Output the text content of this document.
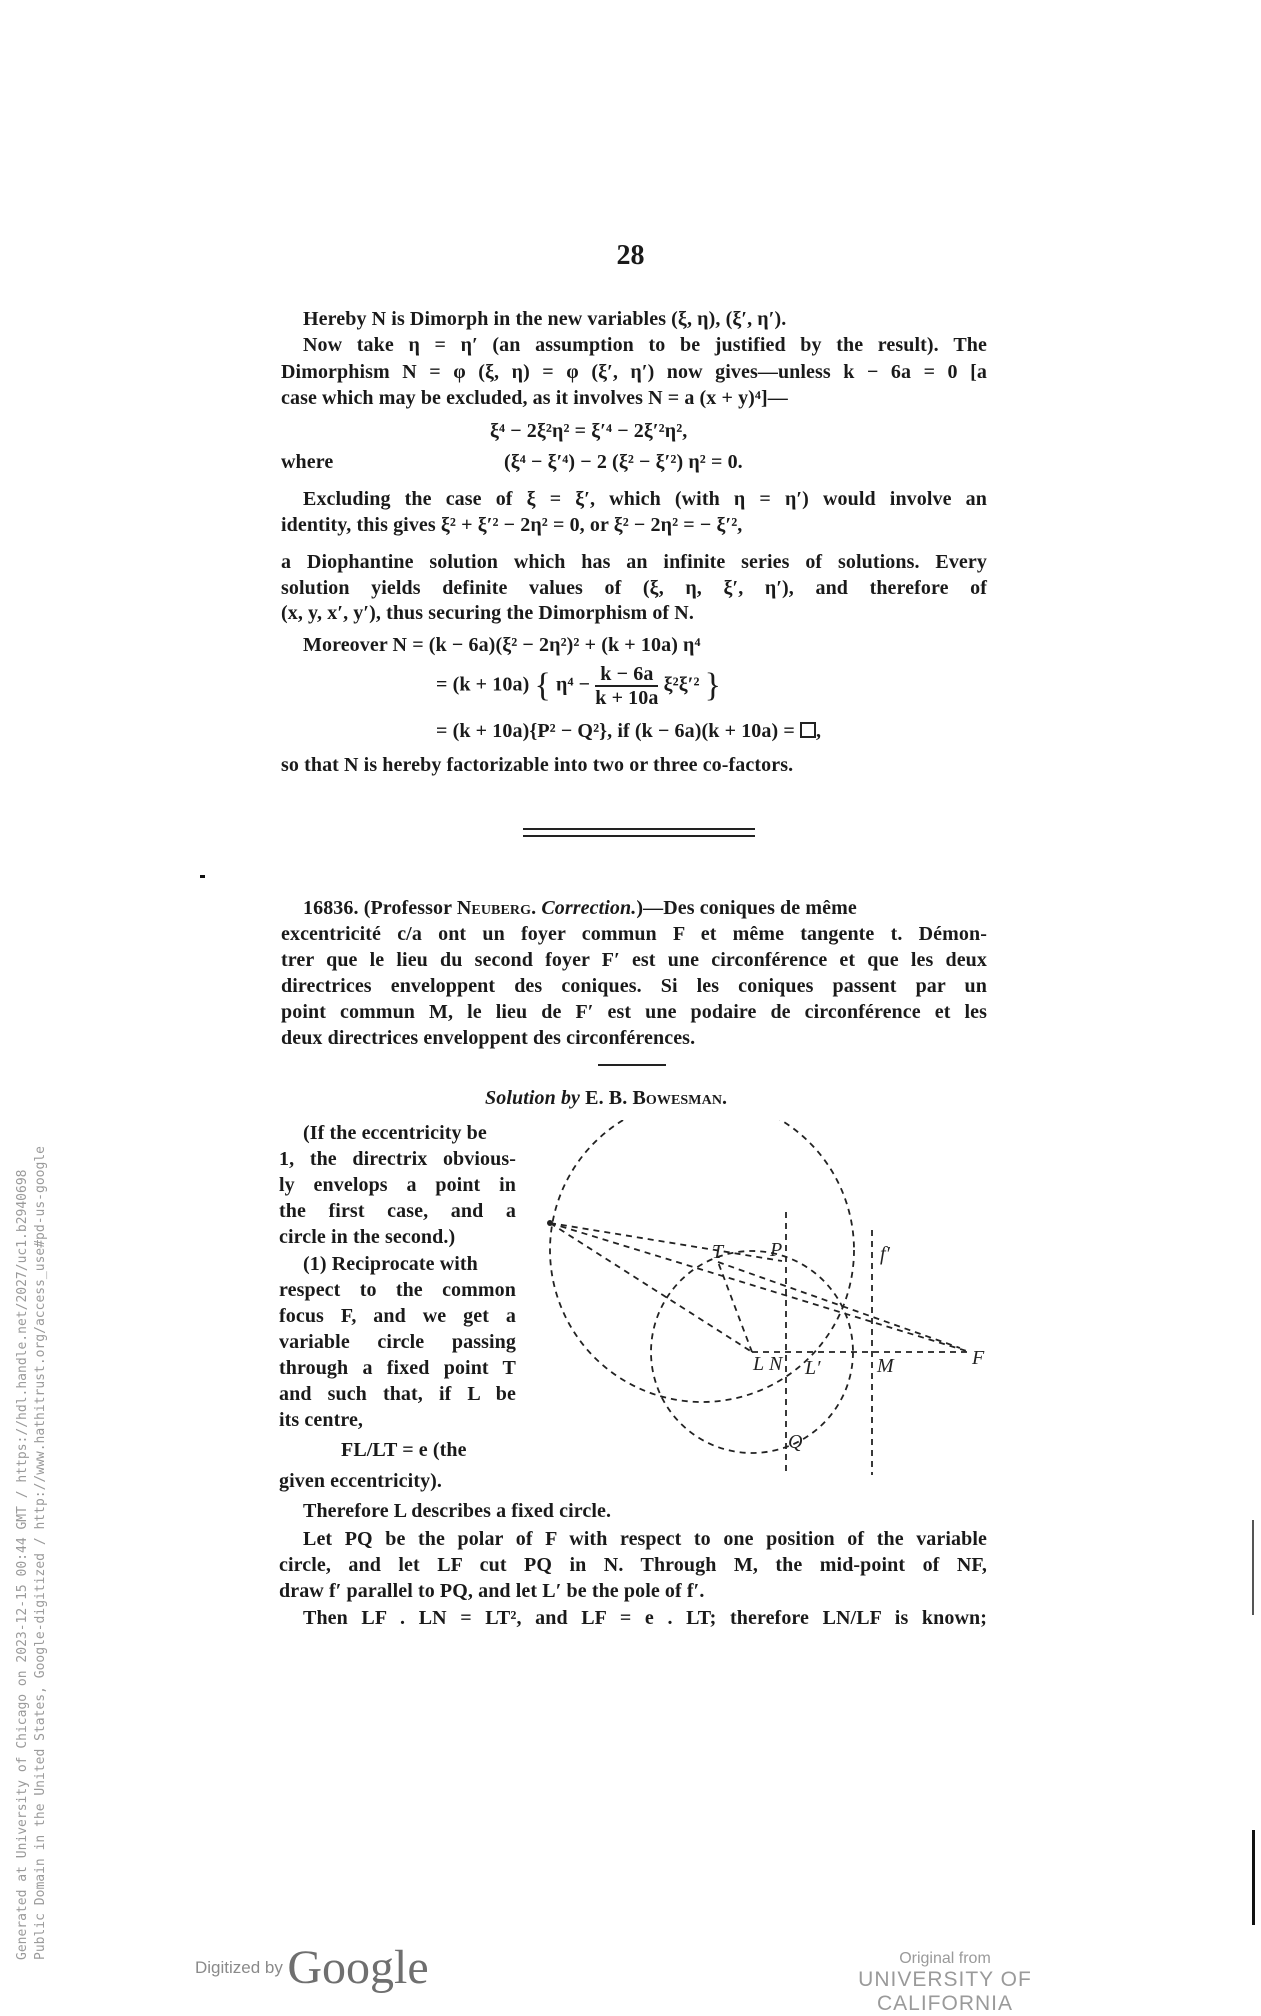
28
Hereby N is Dimorph in the new variables (ξ, η), (ξ′, η′).
Now take η = η′ (an assumption to be justified by the result). The
Dimorphism N = φ (ξ, η) = φ (ξ′, η′) now gives—unless k − 6a = 0 [a
case which may be excluded, as it involves N = a (x + y)⁴]—
ξ⁴ − 2ξ²η² = ξ′⁴ − 2ξ′²η²,
where	(ξ⁴ − ξ′⁴) − 2 (ξ² − ξ′²) η² = 0.
Excluding the case of ξ = ξ′, which (with η = η′) would involve an
identity, this gives ξ² + ξ′² − 2η² = 0, or ξ² − 2η² = − ξ′²,
a Diophantine solution which has an infinite series of solutions. Every
solution yields definite values of (ξ, η, ξ′, η′), and therefore of
(x, y, x′, y′), thus securing the Dimorphism of N.
Moreover N = (k − 6a)(ξ² − 2η²)² + (k + 10a) η⁴
= (k + 10a) { $\eta^4 - \frac{k - 6a}{k + 10a} \xi^2\xi'^2$ }
= (k + 10a){P² − Q²}, if (k − 6a)(k + 10a) = ,
so that N is hereby factorizable into two or three co-factors.
16836. (Professor Neuberg. Correction.)—Des coniques de même
excentricité c/a ont un foyer commun F et même tangente t. Démon-
trer que le lieu du second foyer F′ est une circonférence et que les deux
directrices enveloppent des coniques. Si les coniques passent par un
point commun M, le lieu de F′ est une podaire de circonférence et les
deux directrices enveloppent des circonférences.
Solution by E. B. Bowesman.
(If the eccentricity be
1, the directrix obvious-
ly envelops a point in
the first case, and a
circle in the second.)
(1) Reciprocate with
respect to the common
focus F, and we get a
variable circle passing
through a fixed point T
and such that, if L be
its centre,
FL/LT = e (the
given eccentricity).
T P	f′
L N L′	M	F
Q
Therefore L describes a fixed circle.
Let PQ be the polar of F with respect to one position of the variable
circle, and let LF cut PQ in N. Through M, the mid-point of NF,
draw f′ parallel to PQ, and let L′ be the pole of f′.
Then LF . LN = LT², and LF = e . LT; therefore LN/LF is known;
Generated at University of Chicago on 2023-12-15 00:44 GMT / https://hdl.handle.net/2027/uc1.b2940698 Public Domain in the United States, Google-digitized / http://www.hathitrust.org/access_use#pd-us-google
Digitized by Google	Original from
UNIVERSITY OF CALIFORNIA
